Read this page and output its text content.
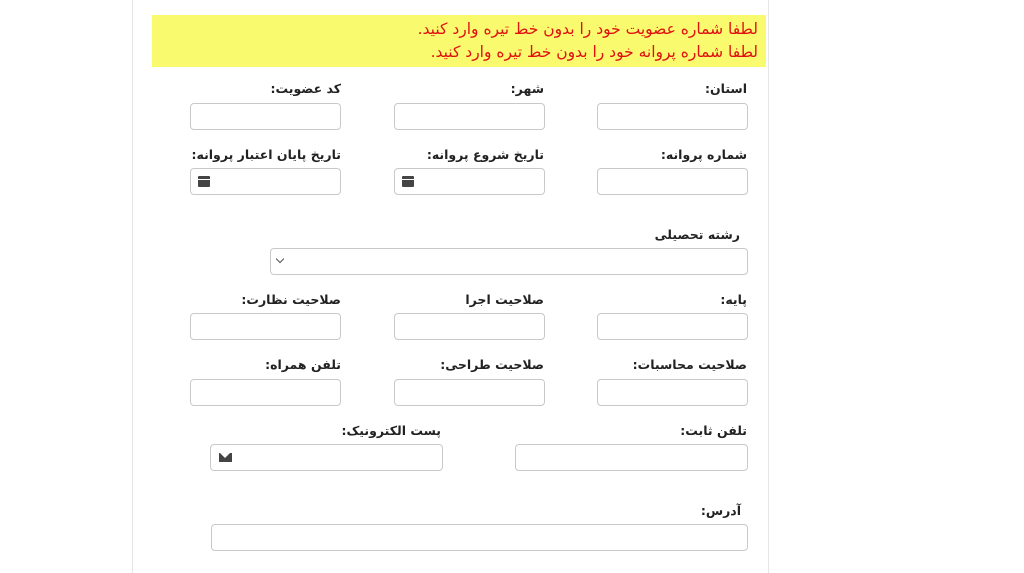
لطفا شماره عضویت خود را بدون خط تیره وارد کنید.
لطفا شماره پروانه خود را بدون خط تیره وارد کنید.
استان:
شهر:
کد عضویت:
شماره پروانه:
تاریخ شروع پروانه:
تاریخ پایان اعتبار پروانه:
رشته تحصیلی
پایه:
صلاحیت اجرا
صلاحیت نظارت:
صلاحیت محاسبات:
صلاحیت طراحی:
تلفن همراه:
تلفن ثابت:
پست الکترونیک:
آدرس:
